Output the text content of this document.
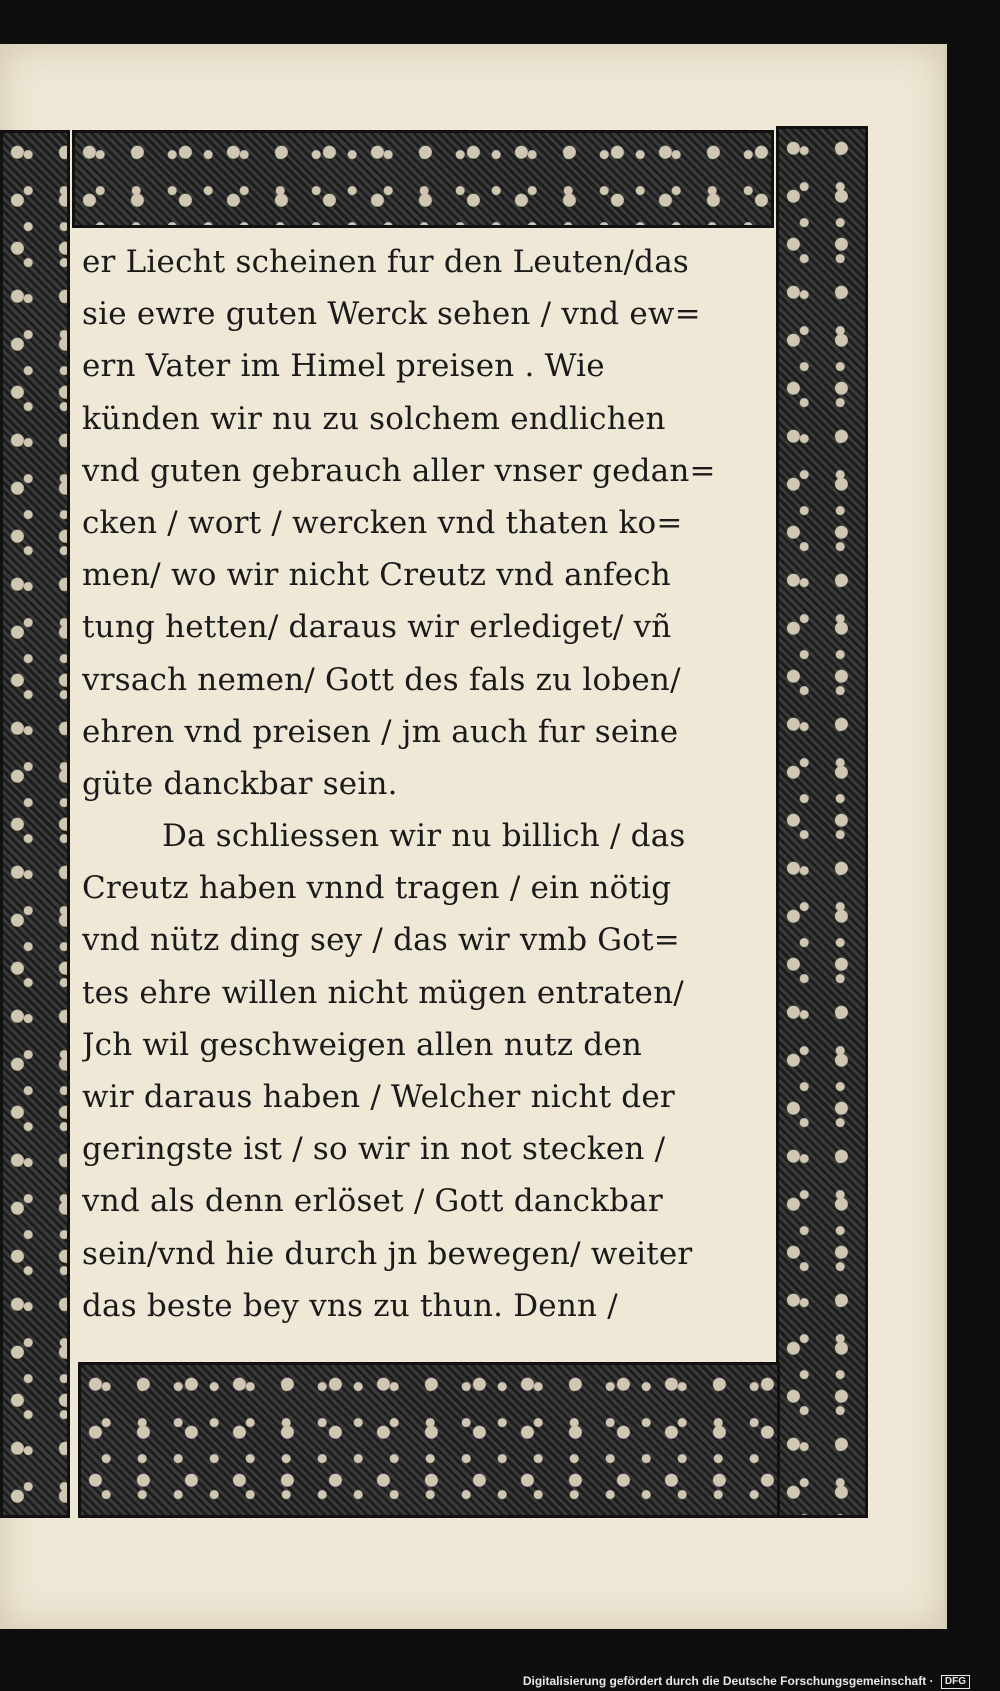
er Liecht scheinen fur den Leuten/das
sie ewre guten Werck sehen / vnd ew=
ern Vater im Himel preisen . Wie
künden wir nu zu solchem endlichen
vnd guten gebrauch aller vnser gedan=
cken / wort / wercken vnd thaten ko=
men/ wo wir nicht Creutz vnd anfech
tung hetten/ daraus wir erlediget/ vñ
vrsach nemen/ Gott des fals zu loben/
ehren vnd preisen / jm auch fur seine
güte danckbar sein.
Da schliessen wir nu billich / das
Creutz haben vnnd tragen / ein nötig
vnd nütz ding sey / das wir vmb Got=
tes ehre willen nicht mügen entraten/
Jch wil geschweigen allen nutz den
wir daraus haben / Welcher nicht der
geringste ist / so wir in not stecken /
vnd als denn erlöset / Gott danckbar
sein/vnd hie durch jn bewegen/ weiter
das beste bey vns zu thun. Denn /
Digitalisierung gefördert durch die Deutsche Forschungsgemeinschaft · DFG
